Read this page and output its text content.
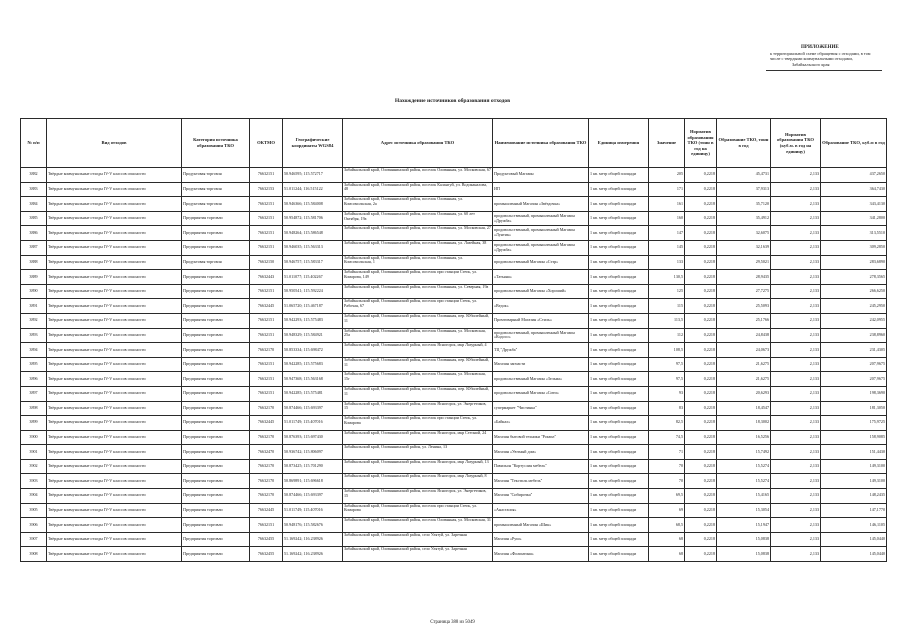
ПРИЛОЖЕНИЕ
к территориальной схеме обращения с отходами, в том
числе с твердыми коммунальными отходами,
Забайкальского края
Нахождение источников образования отходов
№ п/п	Вид отходов	Категория источника образования ТКО	ОКТМО	Географические координаты WGS84	Адрес источника образования ТКО	Наименование источника образования ТКО	Единица измерения	Значение	Норматив образования ТКО (тонн в год на единицу)	Образование ТКО, тонн в год	Норматив образования ТКО (куб.м. в год на единицу)	Образование ТКО, куб.м в год
3882	Твёрдые коммунальные отходы IV-V классов опасности	Продуктовая торговля	76632151	50.946595; 115.572717	Забайкальский край, Оловяннинский район, поселок Оловянная, ул. Московская, 67	Продуктовый Магазин	1 кв. метр общей площади	205	0,2218	45,4731	2,133	437,2650
3883	Твёрдые коммунальные отходы IV-V классов опасности	Продуктовая торговля	76632153	51.011244; 116.515122	Забайкальский край, Оловяннинский район, поселок Калангуй, ул. Водоканалова, 48	ИП	1 кв. метр общей площади	171	0,2218	37,9313	2,133	364,7430
3884	Твёрдые коммунальные отходы IV-V классов опасности	Продуктовая торговля	76632151	50.946366; 115.584008	Забайкальский край, Оловяннинский район, поселок Оловянная, ул. Комсомольская, 2а	промышленный Магазин «Звёздочка»	1 кв. метр общей площади	161	0,2218	35,7120	2,133	343,4130
3885	Твёрдые коммунальные отходы IV-V классов опасности	Предприятия торговли	76632151	50.954872; 115.581706	Забайкальский край, Оловяннинский район, поселок Оловянная, ул. 60 лет Октября, 19а	продовольственный, промышленный Магазин «Дружба»	1 кв. метр общей площади	160	0,2218	35,4912	2,133	341,2800
3886	Твёрдые коммунальные отходы IV-V классов опасности	Предприятия торговли	76632151	50.948264; 115.586548	Забайкальский край, Оловяннинский район, поселок Оловянная, ул. Московская, 27	продовольственный, промышленный Магазин «Лунтик»	1 кв. метр общей площади	147	0,2218	32,6075	2,133	313,5510
3887	Твёрдые коммунальные отходы IV-V классов опасности	Предприятия торговли	76632151	50.946035; 115.563313	Забайкальский край, Оловяннинский район, поселок Оловянная, ул. Лазейная, 38	продовольственный, промышленный Магазин «Дружба»	1 кв. метр общей площади	145	0,2218	32,1639	2,133	309,2850
3888	Твёрдые коммунальные отходы IV-V классов опасности	Продуктовая торговля	76632150	50.946757; 115.583317	Забайкальский край, Оловяннинский район, поселок Оловянная, ул. Комсомольская, 1	продовольственный Магазин «Стэр»	1 кв. метр общей площади	133	0,2218	29,5021	2,133	283,6890
3889	Твёрдые коммунальные отходы IV-V классов опасности	Предприятия торговли	76632443	51.011077; 115.402267	Забайкальский край, Оловяннинский район, поселок при станции Степь, ул. Комарова, 149	«Татьяна»	1 кв. метр общей площади	130,5	0,2218	28,9435	2,133	278,3565
3890	Твёрдые коммунальные отходы IV-V классов опасности	Предприятия торговли	76632151	50.950541; 115.592224	Забайкальский край, Оловяннинский район, поселок Оловянная, ул. Северная, 19а	продовольственный Магазин «Хороший»	1 кв. метр общей площади	125	0,2218	27,7275	2,133	266,6250
3891	Твёрдые коммунальные отходы IV-V классов опасности	Предприятия торговли	76632445	51.065720; 115.467187	Забайкальский край, Оловяннинский район, поселок при станции Степь, ул. Рабочая, 67	«Ведок»	1 кв. метр общей площади	115	0,2218	25,5093	2,133	245,2950
3892	Твёрдые коммунальные отходы IV-V классов опасности	Предприятия торговли	76632151	50.942293; 115.575483	Забайкальский край, Оловяннинский район, поселок Оловянная, пер. Юбилейный, 11	Промтоварный Магазин «Стиль»	1 кв. метр общей площади	113,5	0,2218	25,1766	2,133	242,0955
3893	Твёрдые коммунальные отходы IV-V классов опасности	Предприятия торговли	76632151	50.948329; 115.584921	Забайкальский край, Оловяннинский район, поселок Оловянная, ул. Московская, 25а	продовольственный, промышленный Магазин «Кодосо»	1 кв. метр общей площади	112	0,2218	24,8438	2,133	238,8960
3894	Твёрдые коммунальные отходы IV-V классов опасности	Предприятия торговли	76632170	50.853334; 115.698472	Забайкальский край, Оловяннинский район, поселок Ясногорск, мкр Лазурный, 4	ТЦ "Дружба"	1 кв. метр общей площади	108,5	0,2218	24,0673	2,133	231,4305
3895	Твёрдые коммунальные отходы IV-V классов опасности	Предприятия торговли	76632151	50.942285; 115.575683	Забайкальский край, Оловяннинский район, поселок Оловянная, пер. Юбилейный, 11	Магазин запчасти	1 кв. метр общей площади	97,5	0,2218	21,6275	2,133	207,9675
3896	Твёрдые коммунальные отходы IV-V классов опасности	Предприятия торговли	76632151	50.947368; 115.563168	Забайкальский край, Оловяннинский район, поселок Оловянная, ул. Московская, 15г	продовольственный Магазин «Зельма»	1 кв. метр общей площади	97,5	0,2218	21,6275	2,133	207,9675
3897	Твёрдые коммунальные отходы IV-V классов опасности	Предприятия торговли	76632151	50.942285; 115.575481	Забайкальский край, Оловяннинский район, поселок Оловянная, пер. Юбилейный, 11	продовольственный Магазин «Сити»	1 кв. метр общей площади	93	0,2218	20,6293	2,133	198,3690
3898	Твёрдые коммунальные отходы IV-V классов опасности	Предприятия торговли	76632170	50.874466; 115.693397	Забайкальский край, Оловяннинский район, поселок Ясногорск, ул. Энергетиков, 15	супермаркет "Чистинка"	1 кв. метр общей площади	83	0,2218	18,4547	2,133	181,3050
3899	Твёрдые коммунальные отходы IV-V классов опасности	Предприятия торговли	76632445	51.011749; 115.407016	Забайкальский край, Оловяннинский район, поселок при станции Степь, ул. Комарова	«Байкал»	1 кв. метр общей площади	82,5	0,2218	18,3002	2,133	175,9725
3900	Твёрдые коммунальные отходы IV-V классов опасности	Предприятия торговли	76632170	50.876393; 115.697430	Забайкальский край, Оловяннинский район, поселок Ясногорск, мкр Степной, 24	Магазин бытовой техники "Роквэл"	1 кв. метр общей площади	74,5	0,2218	16,5256	2,133	158,9085
3901	Твёрдые коммунальные отходы IV-V классов опасности	Предприятия торговли	76632470	50.936742; 115.806097	Забайкальский край, Оловяннинский район, ул. Ленина, 13	Магазин «Уютный дом»	1 кв. метр общей площади	71	0,2218	15,7492	2,133	151,4430
3902	Твёрдые коммунальные отходы IV-V классов опасности	Предприятия торговли	76632170	50.873425; 115.701290	Забайкальский край, Оловяннинский район, поселок Ясногорск, мкр Лазурный, 13	Павильон "Кортуслия мебель"	1 кв. метр общей площади	70	0,2218	15,5274	2,133	149,3100
3903	Твёрдые коммунальные отходы IV-V классов опасности	Предприятия торговли	76632170	50.869891; 115.696618	Забайкальский край, Оловяннинский район, поселок Ясногорск, мкр Лазурный, 8	Магазин "Текстиль мебель"	1 кв. метр общей площади	70	0,2218	15,5274	2,133	149,3100
3904	Твёрдые коммунальные отходы IV-V классов опасности	Предприятия торговли	76632170	50.874466; 115.693397	Забайкальский край, Оловяннинский район, поселок Ясногорск, ул. Энергетиков, 15	Магазин "Сибирочка"	1 кв. метр общей площади	69,5	0,2218	15,4165	2,133	148,2435
3905	Твёрдые коммунальные отходы IV-V классов опасности	Предприятия торговли	76632445	51.011749; 115.407016	Забайкальский край, Оловяннинский район, поселок при станции Степь, ул. Комарова	«Анастасия»	1 кв. метр общей площади	69	0,2218	15,3054	2,133	147,1770
3906	Твёрдые коммунальные отходы IV-V классов опасности	Предприятия торговли	76632151	50.948176; 115.582676	Забайкальский край, Оловяннинский район, поселок Оловянная, ул. Московская, 31	промышленный Магазин «Шик»	1 кв. метр общей площади	68,5	0,2218	15,1947	2,133	146,1105
3907	Твёрдые коммунальные отходы IV-V классов опасности	Предприятия торговли	76632455	51.169242; 116.238926	Забайкальский край, Оловяннинский район, село Улятуй, ул. Заречная	Магазин «Руш»	1 кв. метр общей площади	68	0,2218	15,0838	2,133	145,0440
3908	Твёрдые коммунальные отходы IV-V классов опасности	Предприятия торговли	76632455	51.169242; 116.238926	Забайкальский край, Оловяннинский район, село Улятуй, ул. Заречная	Магазин «Фолинтина»	1 кв. метр общей площади	68	0,2218	15,0838	2,133	145,0440
Страница 388 из 5049
